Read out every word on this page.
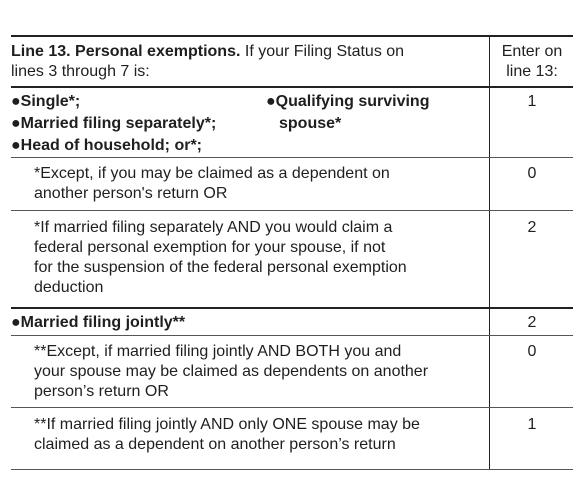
Line 13. Personal exemptions. If your Filing Status on
lines 3 through 7 is:
Enter on
line 13:
●Single*;
●Married filing separately*;
●Head of household; or*;
●Qualifying surviving
spouse*
1
*Except, if you may be claimed as a dependent on
another person's return OR
0
*If married filing separately AND you would claim a
federal personal exemption for your spouse, if not
for the suspension of the federal personal exemption
deduction
2
●Married filing jointly**	2
**Except, if married filing jointly AND BOTH you and
your spouse may be claimed as dependents on another
person’s return OR
0
**If married filing jointly AND only ONE spouse may be
claimed as a dependent on another person’s return
1
